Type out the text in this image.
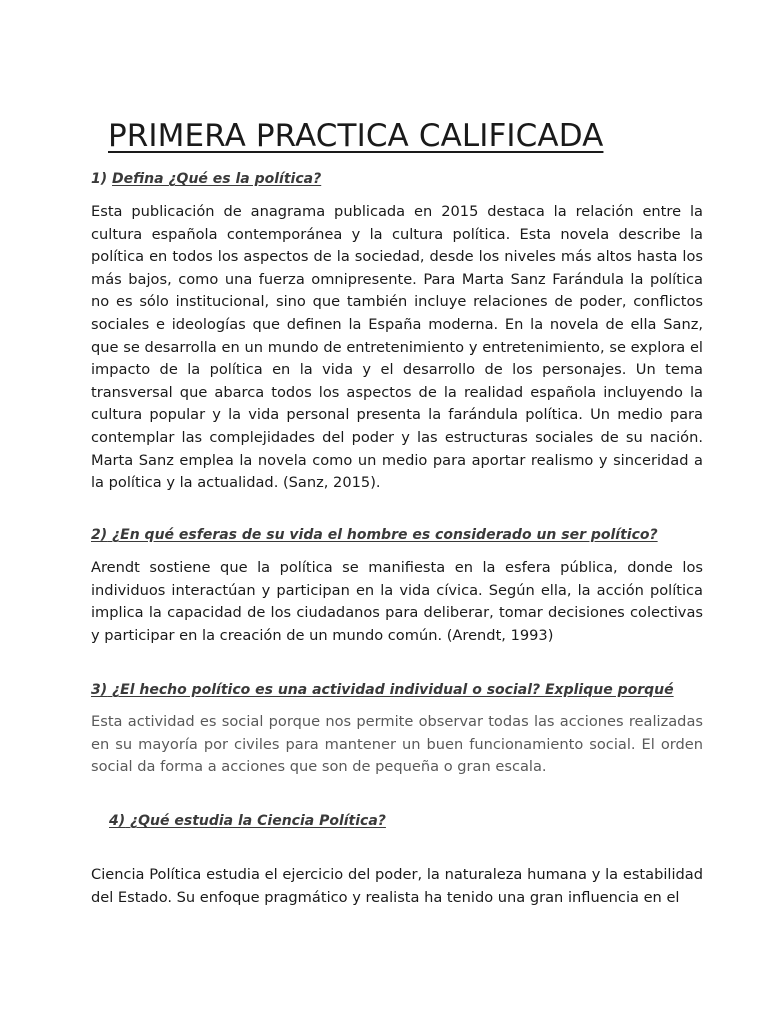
PRIMERA PRACTICA CALIFICADA

1) Defina ¿Qué es la política?

Esta publicación de anagrama publicada en 2015 destaca la relación entre la cultura española contemporánea y la cultura política. Esta novela describe la política en todos los aspectos de la sociedad, desde los niveles más altos hasta los más bajos, como una fuerza omnipresente. Para Marta Sanz Farándula la política no es sólo institucional, sino que también incluye relaciones de poder, conflictos sociales e ideologías que definen la España moderna. En la novela de ella Sanz, que se desarrolla en un mundo de entretenimiento y entretenimiento, se explora el impacto de la política en la vida y el desarrollo de los personajes. Un tema transversal que abarca todos los aspectos de la realidad española incluyendo la cultura popular y la vida personal presenta la farándula política. Un medio para contemplar las complejidades del poder y las estructuras sociales de su nación. Marta Sanz emplea la novela como un medio para aportar realismo y sinceridad a la política y la actualidad. (Sanz, 2015).

2) ¿En qué esferas de su vida el hombre es considerado un ser político?

Arendt sostiene que la política se manifiesta en la esfera pública, donde los individuos interactúan y participan en la vida cívica. Según ella, la acción política implica la capacidad de los ciudadanos para deliberar, tomar decisiones colectivas y participar en la creación de un mundo común. (Arendt, 1993)

3) ¿El hecho político es una actividad individual o social? Explique porqué

Esta actividad es social porque nos permite observar todas las acciones realizadas en su mayoría por civiles para mantener un buen funcionamiento social. El orden social da forma a acciones que son de pequeña o gran escala.

4) ¿Qué estudia la Ciencia Política?

Ciencia Política estudia el ejercicio del poder, la naturaleza humana y la estabilidad del Estado. Su enfoque pragmático y realista ha tenido una gran influencia en el
